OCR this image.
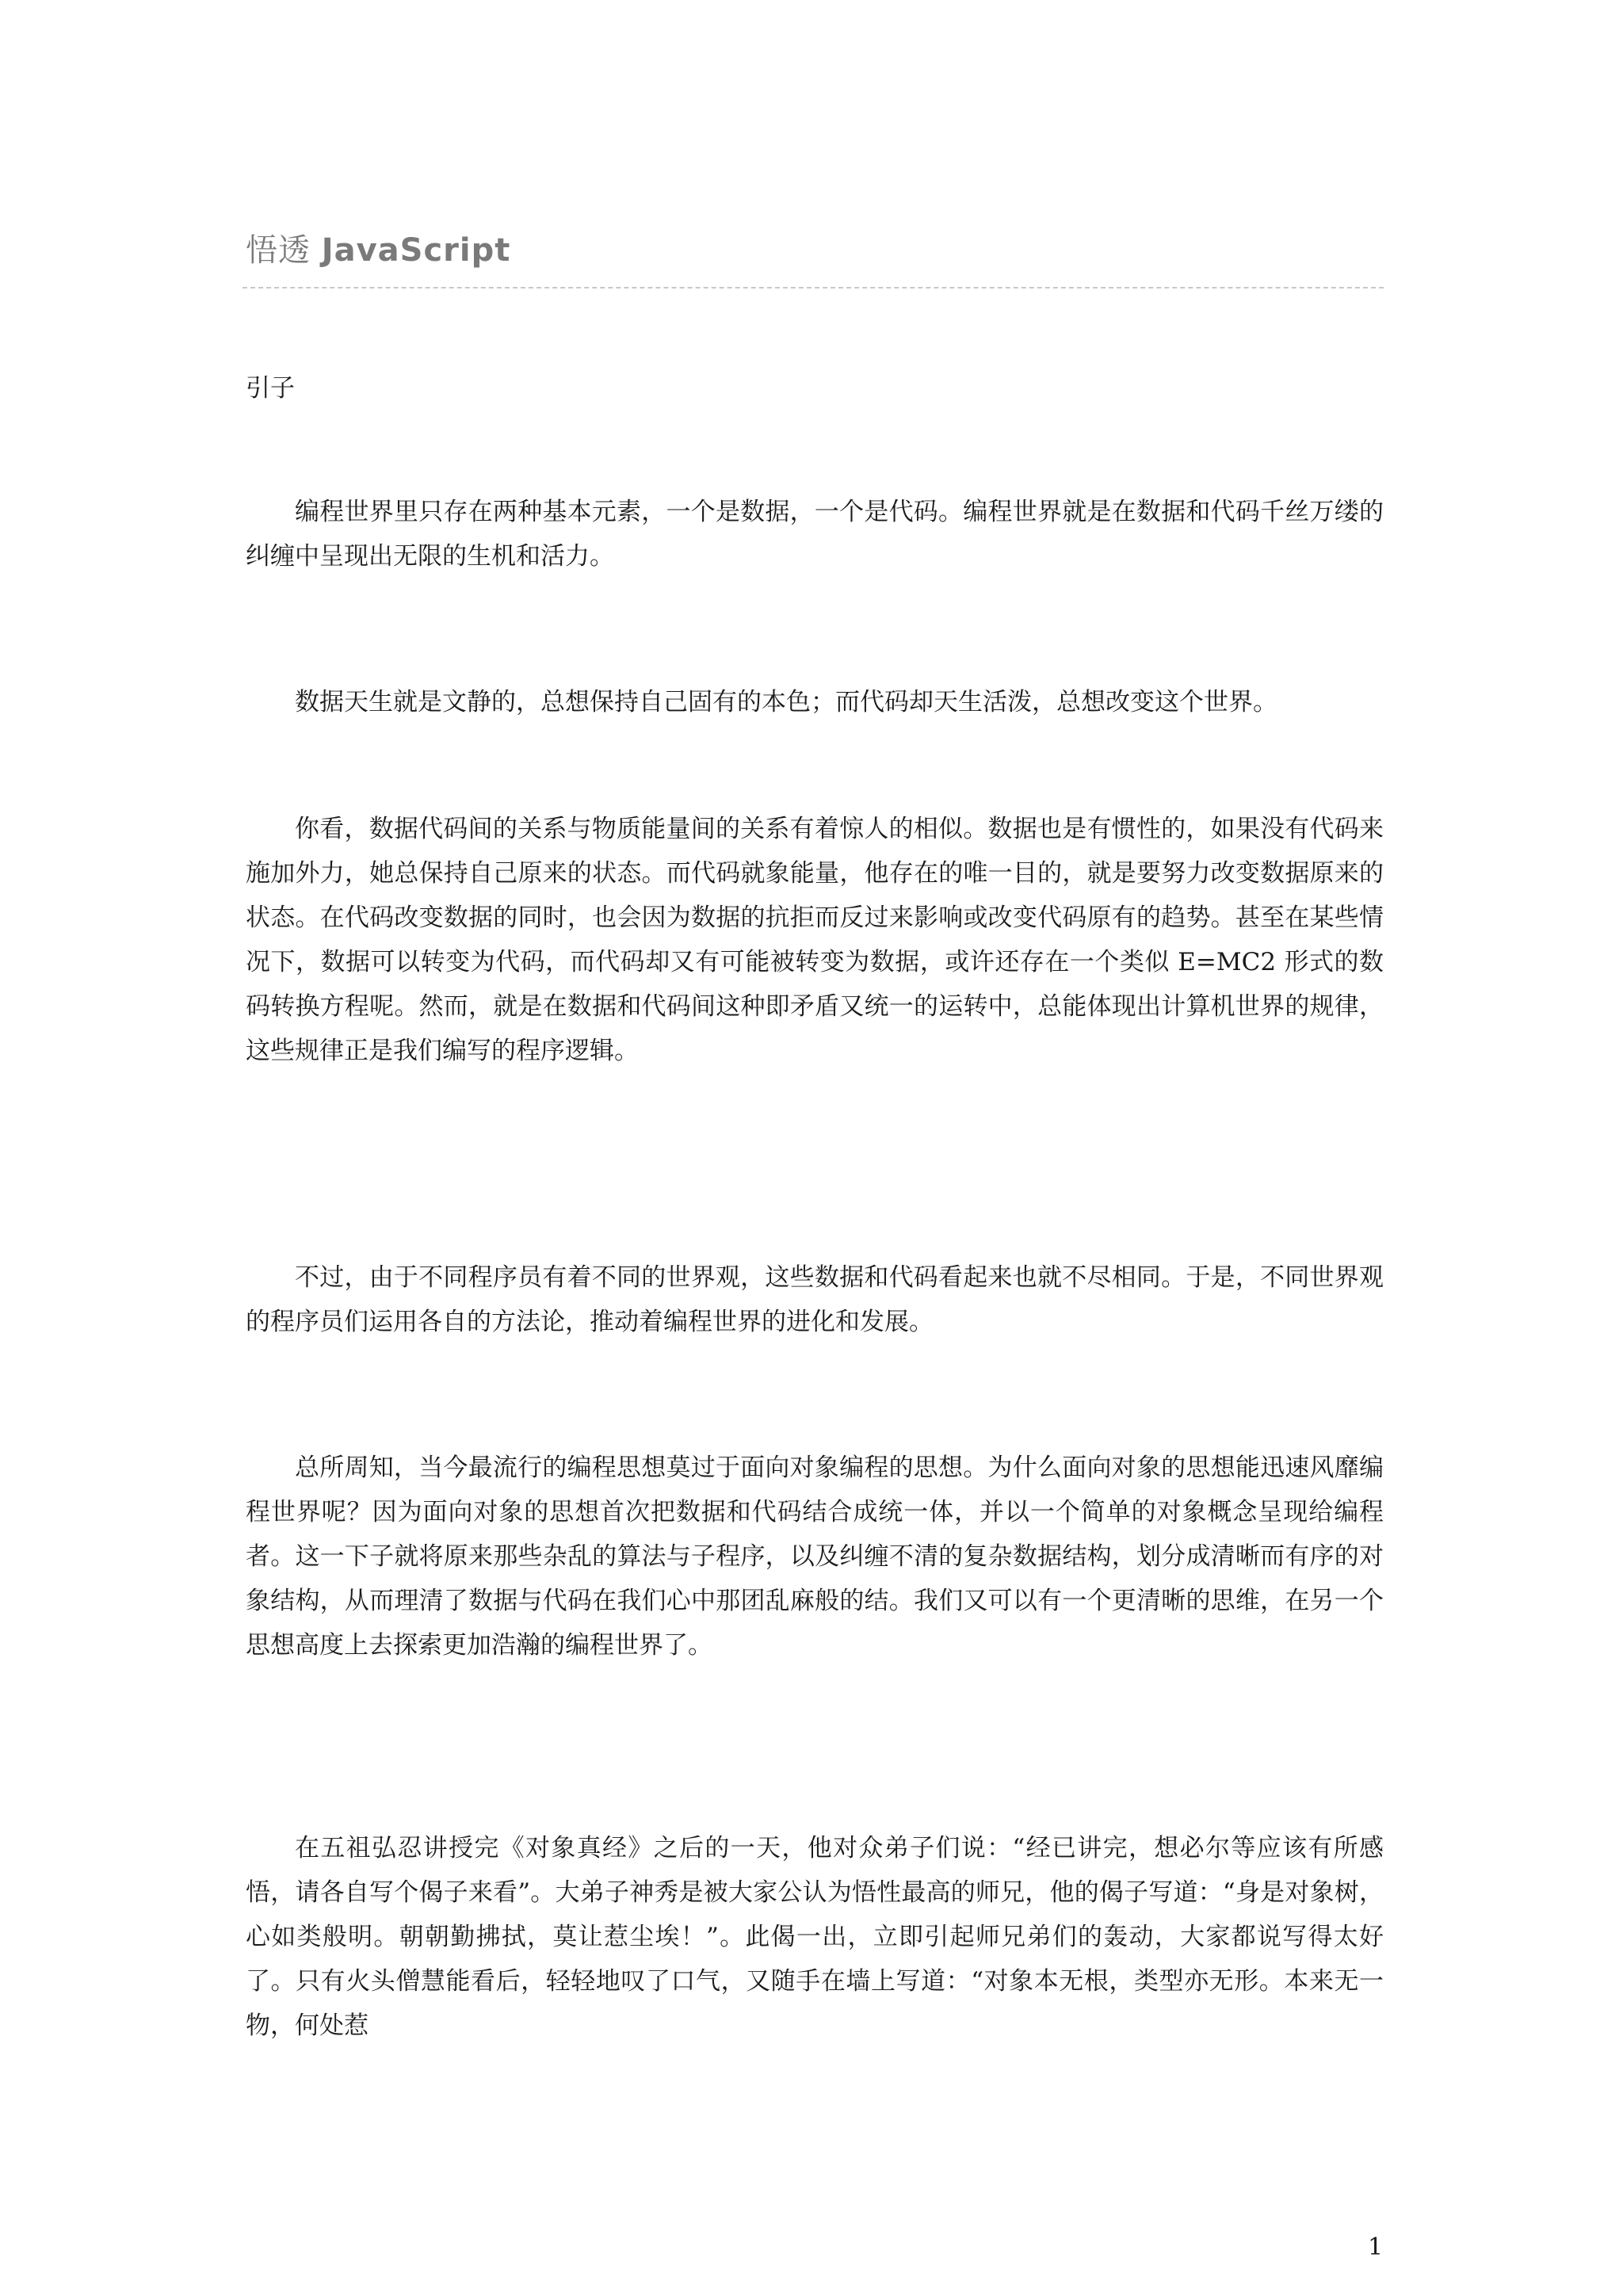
悟透 JavaScript
引子

编程世界里只存在两种基本元素，一个是数据，一个是代码。编程世界就是在数据和代码千丝万缕的纠缠中呈现出无限的生机和活力。

数据天生就是文静的，总想保持自己固有的本色；而代码却天生活泼，总想改变这个世界。

你看，数据代码间的关系与物质能量间的关系有着惊人的相似。数据也是有惯性的，如果没有代码来施加外力，她总保持自己原来的状态。而代码就象能量，他存在的唯一目的，就是要努力改变数据原来的状态。在代码改变数据的同时，也会因为数据的抗拒而反过来影响或改变代码原有的趋势。甚至在某些情况下，数据可以转变为代码，而代码却又有可能被转变为数据，或许还存在一个类似 E=MC2 形式的数码转换方程呢。然而，就是在数据和代码间这种即矛盾又统一的运转中，总能体现出计算机世界的规律，这些规律正是我们编写的程序逻辑。

不过，由于不同程序员有着不同的世界观，这些数据和代码看起来也就不尽相同。于是，不同世界观的程序员们运用各自的方法论，推动着编程世界的进化和发展。

总所周知，当今最流行的编程思想莫过于面向对象编程的思想。为什么面向对象的思想能迅速风靡编程世界呢？因为面向对象的思想首次把数据和代码结合成统一体，并以一个简单的对象概念呈现给编程者。这一下子就将原来那些杂乱的算法与子程序，以及纠缠不清的复杂数据结构，划分成清晰而有序的对象结构，从而理清了数据与代码在我们心中那团乱麻般的结。我们又可以有一个更清晰的思维，在另一个思想高度上去探索更加浩瀚的编程世界了。

在五祖弘忍讲授完《对象真经》之后的一天，他对众弟子们说：“经已讲完，想必尔等应该有所感悟，请各自写个偈子来看”。大弟子神秀是被大家公认为悟性最高的师兄，他的偈子写道：“身是对象树，心如类般明。朝朝勤拂拭，莫让惹尘埃！”。此偈一出，立即引起师兄弟们的轰动，大家都说写得太好了。只有火头僧慧能看后，轻轻地叹了口气，又随手在墙上写道：“对象本无根，类型亦无形。本来无一物，何处惹

1
